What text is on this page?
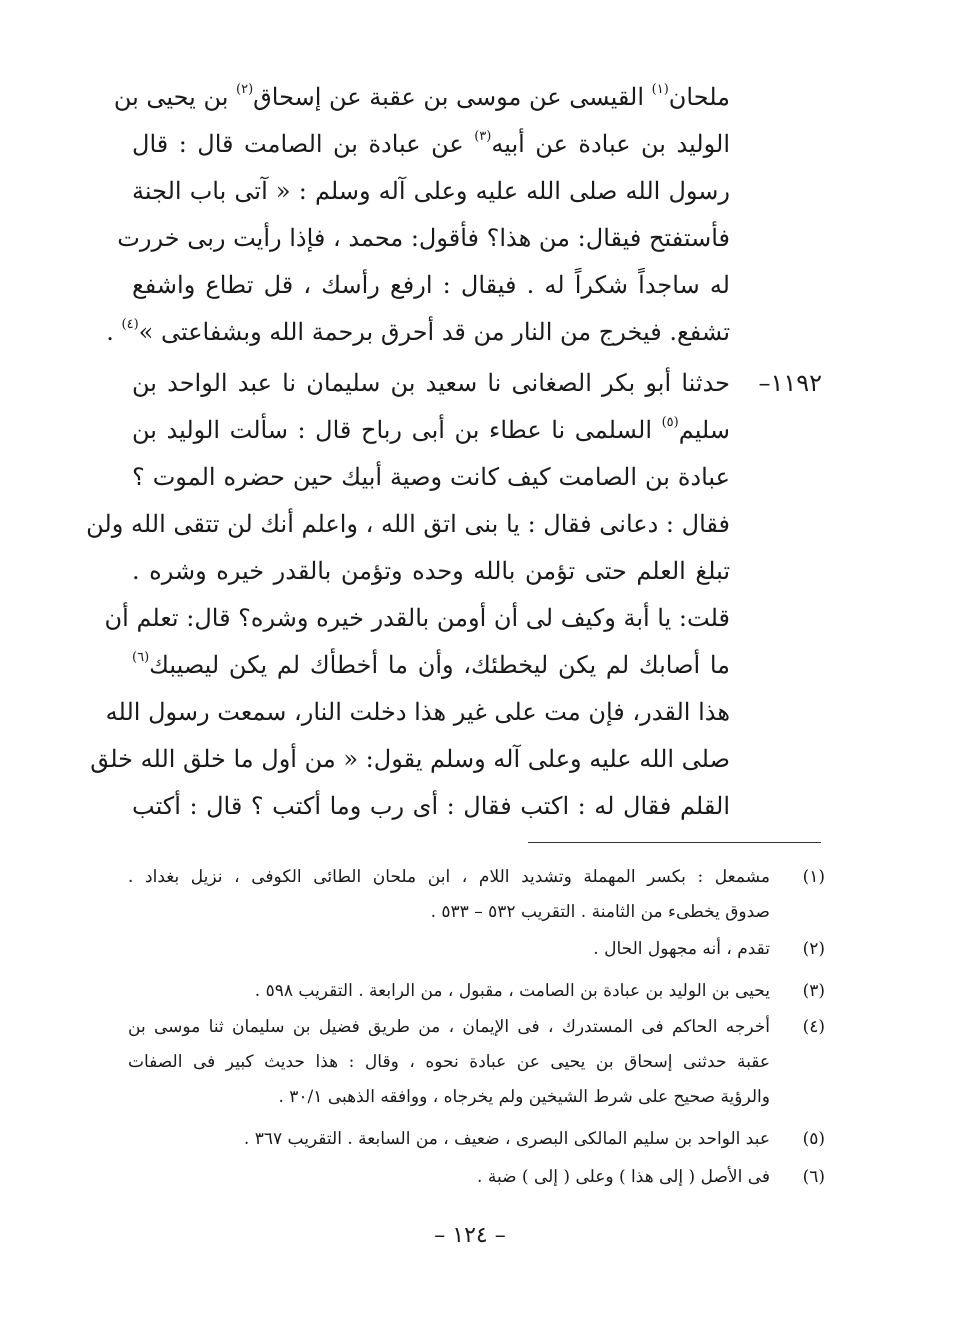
ملحان$^{(١)}$ القيسى عن موسى بن عقبة عن إسحاق$^{(٢)}$ بن يحيى بن
الوليد بن عبادة عن أبيه$^{(٣)}$ عن عبادة بن الصامت قال : قال
رسول الله صلى الله عليه وعلى آله وسلم : « آتى باب الجنة
فأستفتح فيقال: من هذا؟ فأقول: محمد ، فإذا رأيت ربى خررت
له ساجداً شكراً له . فيقال : ارفع رأسك ، قل تطاع واشفع
تشفع. فيخرج من النار من قد أحرق برحمة الله وبشفاعتى »$^{(٤)}$ .
١١٩٢–
حدثنا أبو بكر الصغانى نا سعيد بن سليمان نا عبد الواحد بن
سليم$^{(٥)}$ السلمى نا عطاء بن أبى رباح قال : سألت الوليد بن
عبادة بن الصامت كيف كانت وصية أبيك حين حضره الموت ؟
فقال : دعانى فقال : يا بنى اتق الله ، واعلم أنك لن تتقى الله ولن
تبلغ العلم حتى تؤمن بالله وحده وتؤمن بالقدر خيره وشره .
قلت: يا أبة وكيف لى أن أومن بالقدر خيره وشره؟ قال: تعلم أن
ما أصابك لم يكن ليخطئك، وأن ما أخطأك لم يكن ليصيبك$^{(٦)}$
هذا القدر، فإن مت على غير هذا دخلت النار، سمعت رسول الله
صلى الله عليه وعلى آله وسلم يقول: « من أول ما خلق الله خلق
القلم فقال له : اكتب فقال : أى رب وما أكتب ؟ قال : أكتب
(١)
مشمعل : بكسر المهملة وتشديد اللام ، ابن ملحان الطائى الكوفى ، نزيل بغداد .
صدوق يخطىء من الثامنة . التقريب ٥٣٢ – ٥٣٣ .
(٢)
تقدم ، أنه مجهول الحال .
(٣)
يحيى بن الوليد بن عبادة بن الصامت ، مقبول ، من الرابعة . التقريب ٥٩٨ .
(٤)
أخرجه الحاكم فى المستدرك ، فى الإيمان ، من طريق فضيل بن سليمان ثنا موسى بن
عقبة حدثنى إسحاق بن يحيى عن عبادة نحوه ، وقال : هذا حديث كبير فى الصفات
والرؤية صحيح على شرط الشيخين ولم يخرجاه ، ووافقه الذهبى ٣٠/١ .
(٥)
عبد الواحد بن سليم المالكى البصرى ، ضعيف ، من السابعة . التقريب ٣٦٧ .
(٦)
فى الأصل ( إلى هذا ) وعلى ( إلى ) ضبة .
– ١٢٤ –
